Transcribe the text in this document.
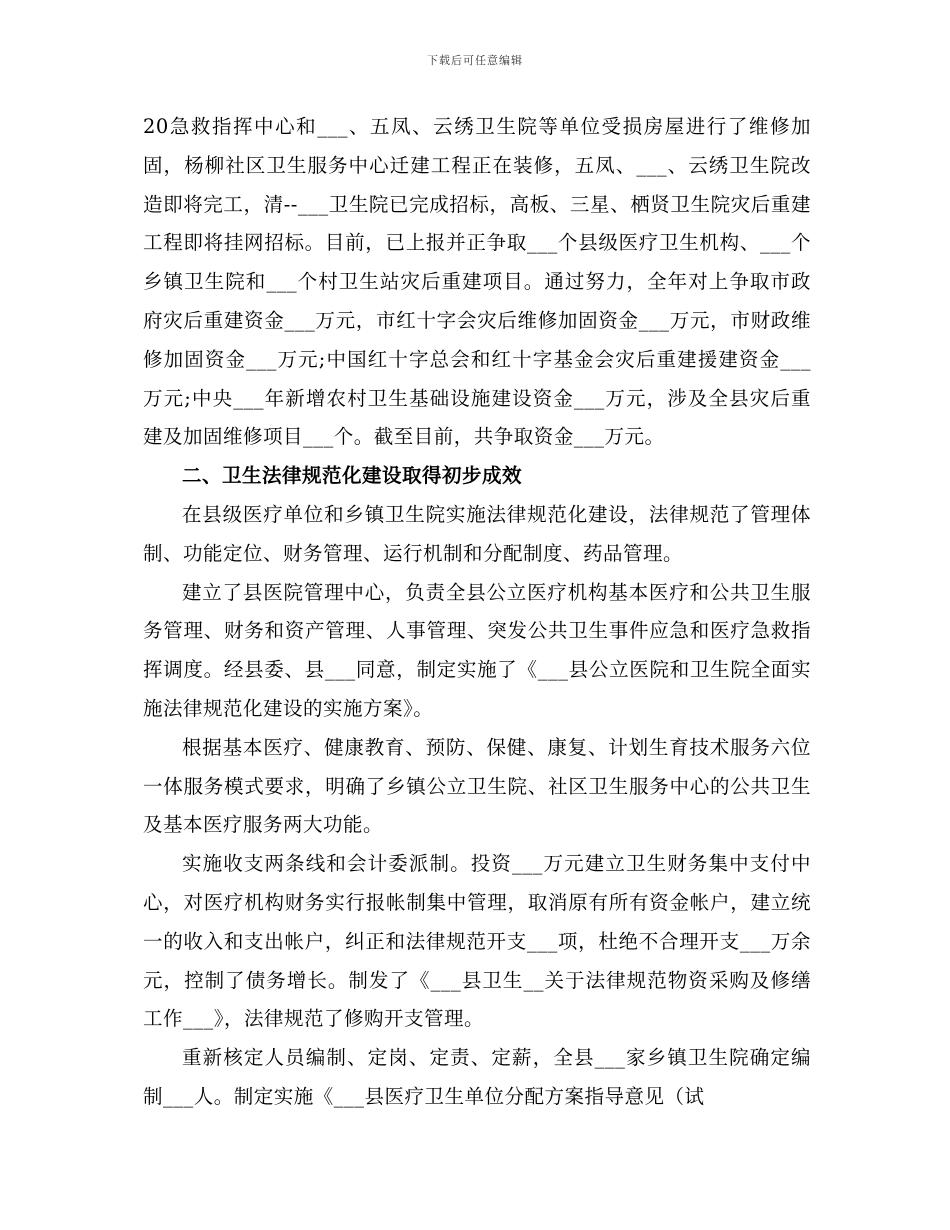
下载后可任意编辑

20急救指挥中心和___、五凤、云绣卫生院等单位受损房屋进行了维修加固，杨柳社区卫生服务中心迁建工程正在装修，五凤、___、云绣卫生院改造即将完工，清--___卫生院已完成招标，高板、三星、栖贤卫生院灾后重建工程即将挂网招标。目前，已上报并正争取___个县级医疗卫生机构、___个乡镇卫生院和___个村卫生站灾后重建项目。通过努力，全年对上争取市政府灾后重建资金___万元，市红十字会灾后维修加固资金___万元，市财政维修加固资金___万元;中国红十字总会和红十字基金会灾后重建援建资金___万元;中央___年新增农村卫生基础设施建设资金___万元，涉及全县灾后重建及加固维修项目___个。截至目前，共争取资金___万元。

二、卫生法律规范化建设取得初步成效

在县级医疗单位和乡镇卫生院实施法律规范化建设，法律规范了管理体制、功能定位、财务管理、运行机制和分配制度、药品管理。

建立了县医院管理中心，负责全县公立医疗机构基本医疗和公共卫生服务管理、财务和资产管理、人事管理、突发公共卫生事件应急和医疗急救指挥调度。经县委、县___同意，制定实施了《___县公立医院和卫生院全面实施法律规范化建设的实施方案》。

根据基本医疗、健康教育、预防、保健、康复、计划生育技术服务六位一体服务模式要求，明确了乡镇公立卫生院、社区卫生服务中心的公共卫生及基本医疗服务两大功能。

实施收支两条线和会计委派制。投资___万元建立卫生财务集中支付中心，对医疗机构财务实行报帐制集中管理，取消原有所有资金帐户，建立统一的收入和支出帐户，纠正和法律规范开支___项，杜绝不合理开支___万余元，控制了债务增长。制发了《___县卫生__关于法律规范物资采购及修缮工作___》，法律规范了修购开支管理。

重新核定人员编制、定岗、定责、定薪，全县___家乡镇卫生院确定编制___人。制定实施《___县医疗卫生单位分配方案指导意见（试
